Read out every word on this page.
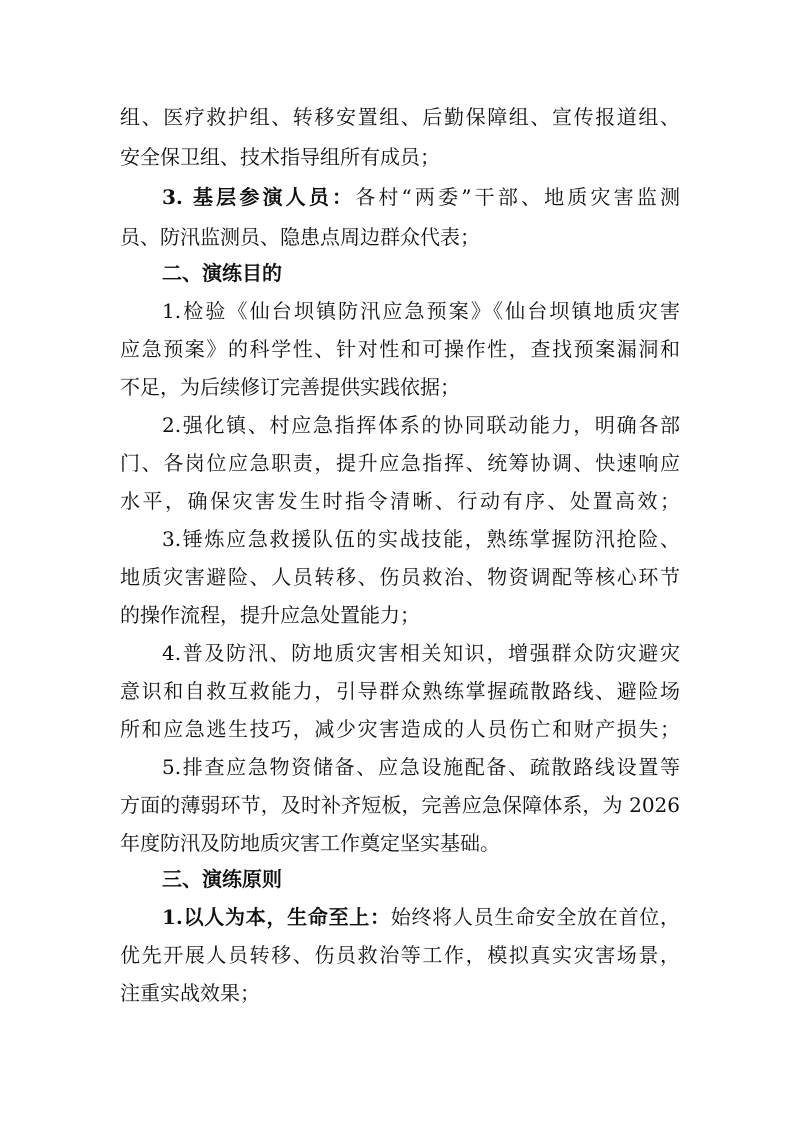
组、医疗救护组、转移安置组、后勤保障组、宣传报道组、
安全保卫组、技术指导组所有成员；
3. 基层参演人员：各村“两委”干部、地质灾害监测
员、防汛监测员、隐患点周边群众代表；
二、演练目的
1.检验《仙台坝镇防汛应急预案》《仙台坝镇地质灾害
应急预案》的科学性、针对性和可操作性，查找预案漏洞和
不足，为后续修订完善提供实践依据；
2.强化镇、村应急指挥体系的协同联动能力，明确各部
门、各岗位应急职责，提升应急指挥、统筹协调、快速响应
水平，确保灾害发生时指令清晰、行动有序、处置高效；
3.锤炼应急救援队伍的实战技能，熟练掌握防汛抢险、
地质灾害避险、人员转移、伤员救治、物资调配等核心环节
的操作流程，提升应急处置能力；
4.普及防汛、防地质灾害相关知识，增强群众防灾避灾
意识和自救互救能力，引导群众熟练掌握疏散路线、避险场
所和应急逃生技巧，减少灾害造成的人员伤亡和财产损失；
5.排查应急物资储备、应急设施配备、疏散路线设置等
方面的薄弱环节，及时补齐短板，完善应急保障体系，为 2026
年度防汛及防地质灾害工作奠定坚实基础。
三、演练原则
1.以人为本，生命至上：始终将人员生命安全放在首位，
优先开展人员转移、伤员救治等工作，模拟真实灾害场景，
注重实战效果；
